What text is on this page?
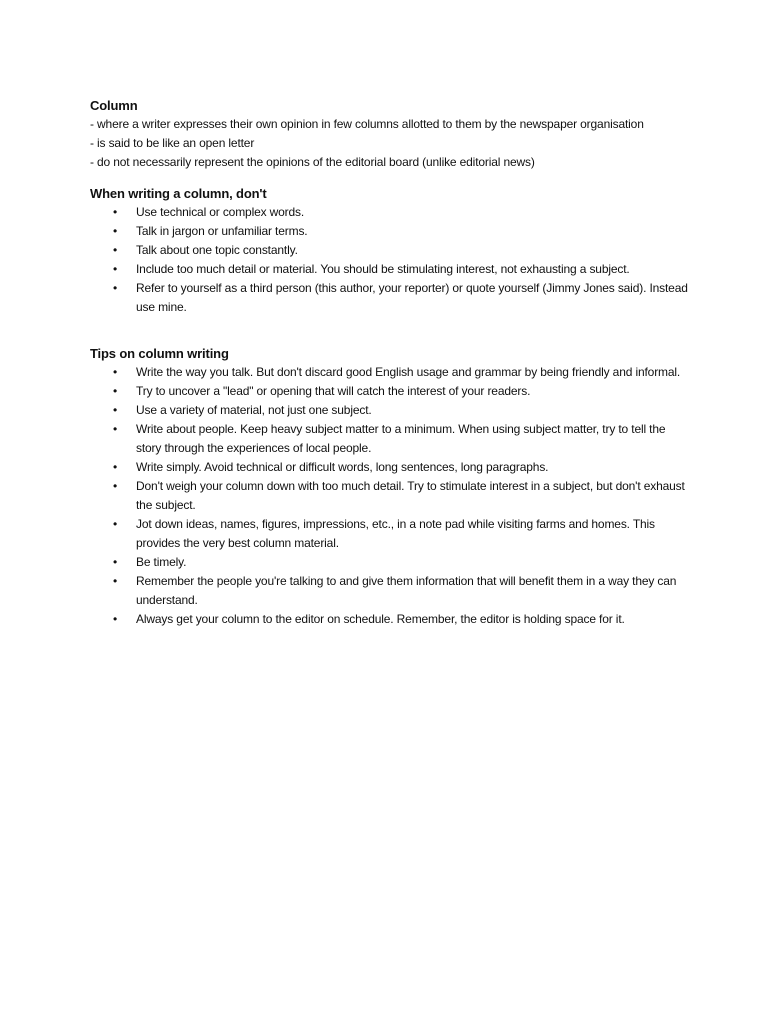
Column

- where a writer expresses their own opinion in few columns allotted to them by the newspaper organisation

- is said to be like an open letter

- do not necessarily represent the opinions of the editorial board (unlike editorial news)

When writing a column, don't

• Use technical or complex words.
• Talk in jargon or unfamiliar terms.
• Talk about one topic constantly.
• Include too much detail or material. You should be stimulating interest, not exhausting a subject.
• Refer to yourself as a third person (this author, your reporter) or quote yourself (Jimmy Jones said). Instead use mine.

Tips on column writing

• Write the way you talk. But don't discard good English usage and grammar by being friendly and informal.
• Try to uncover a "lead" or opening that will catch the interest of your readers.
• Use a variety of material, not just one subject.
• Write about people. Keep heavy subject matter to a minimum. When using subject matter, try to tell the story through the experiences of local people.
• Write simply. Avoid technical or difficult words, long sentences, long paragraphs.
• Don't weigh your column down with too much detail. Try to stimulate interest in a subject, but don't exhaust the subject.
• Jot down ideas, names, figures, impressions, etc., in a note pad while visiting farms and homes. This provides the very best column material.
• Be timely.
• Remember the people you're talking to and give them information that will benefit them in a way they can understand.
• Always get your column to the editor on schedule. Remember, the editor is holding space for it.
